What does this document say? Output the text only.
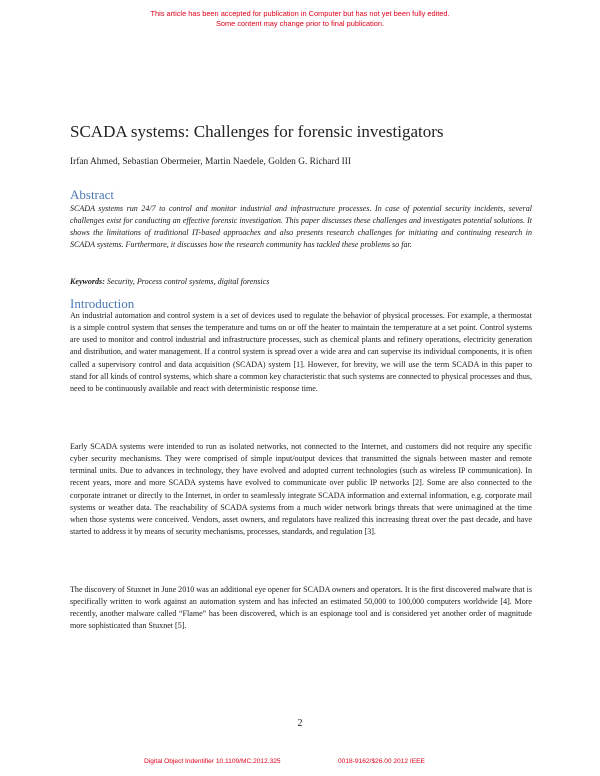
This article has been accepted for publication in Computer but has not yet been fully edited.
Some content may change prior to final publication.
SCADA systems: Challenges for forensic investigators
Irfan Ahmed, Sebastian Obermeier, Martin Naedele, Golden G. Richard III
Abstract

SCADA systems run 24/7 to control and monitor industrial and infrastructure processes. In case of potential security incidents, several challenges exist for conducting an effective forensic investigation. This paper discusses these challenges and investigates potential solutions. It shows the limitations of traditional IT-based approaches and also presents research challenges for initiating and continuing research in SCADA systems. Furthermore, it discusses how the research community has tackled these problems so far.

Keywords: Security, Process control systems, digital forensics

Introduction

An industrial automation and control system is a set of devices used to regulate the behavior of physical processes. For example, a thermostat is a simple control system that senses the temperature and turns on or off the heater to maintain the temperature at a set point. Control systems are used to monitor and control industrial and infrastructure processes, such as chemical plants and refinery operations, electricity generation and distribution, and water management. If a control system is spread over a wide area and can supervise its individual components, it is often called a supervisory control and data acquisition (SCADA) system [1]. However, for brevity, we will use the term SCADA in this paper to stand for all kinds of control systems, which share a common key characteristic that such systems are connected to physical processes and thus, need to be continuously available and react with deterministic response time.

Early SCADA systems were intended to run as isolated networks, not connected to the Internet, and customers did not require any specific cyber security mechanisms. They were comprised of simple input/output devices that transmitted the signals between master and remote terminal units. Due to advances in technology, they have evolved and adopted current technologies (such as wireless IP communication). In recent years, more and more SCADA systems have evolved to communicate over public IP networks [2]. Some are also connected to the corporate intranet or directly to the Internet, in order to seamlessly integrate SCADA information and external information, e.g. corporate mail systems or weather data. The reachability of SCADA systems from a much wider network brings threats that were unimagined at the time when those systems were conceived. Vendors, asset owners, and regulators have realized this increasing threat over the past decade, and have started to address it by means of security mechanisms, processes, standards, and regulation [3].

The discovery of Stuxnet in June 2010 was an additional eye opener for SCADA owners and operators. It is the first discovered malware that is specifically written to work against an automation system and has infected an estimated 50,000 to 100,000 computers worldwide [4]. More recently, another malware called “Flame” has been discovered, which is an espionage tool and is considered yet another order of magnitude more sophisticated than Stuxnet [5].

2
Digital Object Indentifier 10.1109/MC.2012.325	0018-9162/$26.00 2012 IEEE
